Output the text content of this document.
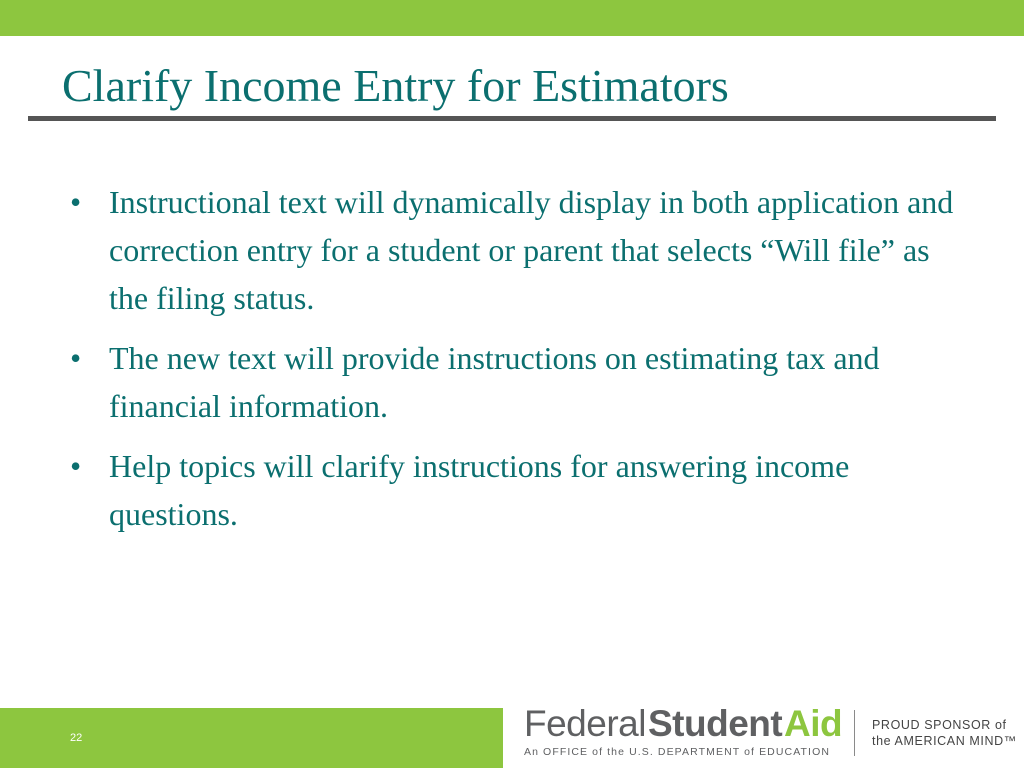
Clarify Income Entry for Estimators
• Instructional text will dynamically display in both application and correction entry for a student or parent that selects “Will file” as the filing status.
• The new text will provide instructions on estimating tax and financial information.
• Help topics will clarify instructions for answering income questions.
22	Federal Student Aid
An OFFICE of the U.S. DEPARTMENT of EDUCATION
PROUD SPONSOR of
the AMERICAN MIND™
